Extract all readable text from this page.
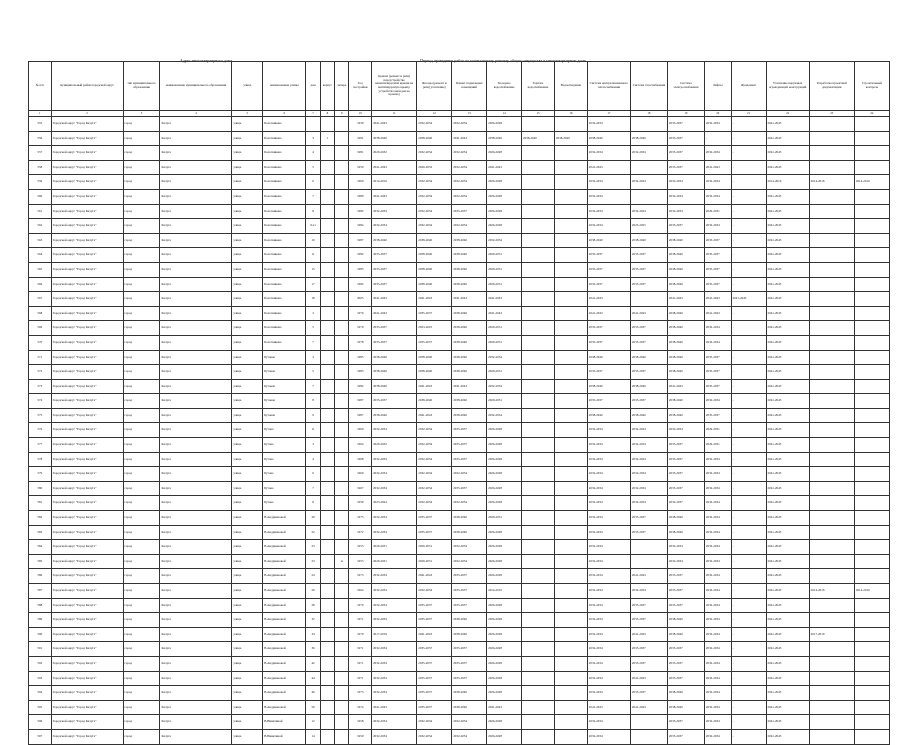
Адрес многоквартирного дома	Период проведения работ по капитальному ремонту общего имущества в многоквартирном доме
№ п/п	муниципальный район/городской округ	тип муниципального образования	наименование муниципального образования	улица	наименование улицы	дом	корпус	литера	Год постройки	Крыша (ремонт и (или) переустройство невентилируемой крыши на вентилируемую крышу, устройство выходов на кровлю)	Фасады (ремонт и (или) утепление)	Ремонт подвальных помещений	Холодное водоснабжение	Горячее водоснабжение	Водоотведение	Система централизованного теплоснабжения	Система газоснабжения	Система электроснабжения	Лифты	Фундамент	Утепление наружных ограждающих конструкций	Разработка проектной документации	Строительный контроль
1	2	3	4	5	6	7	8	9	10	11	12	13	14	15	16	17	18	19	20	21	22	23	24
555	Городской округ "Город Калуга"	город	Калуга	улица	Болотникова				1939	2041-2043	2032-2034	2032-2034	2026-2028			2032-2034		2035-2037	2032-2034	-	2041-2043		
556	Городской округ "Город Калуга"	город	Калуга	улица	Болотникова	3	1		1991	2038-2040	2038-2040	2041-2043	2038-2040	2038-2040	2038-2040	2038-2040	2038-2040	2035-2037	-	-	2041-2043		
557	Городской округ "Город Калуга"	город	Калуга	улица	Болотникова	4			1981	2029-2032	2032-2034	2032-2034	2026-2028			2032-2034	2032-2034	2035-2037	2032-2034	-	2041-2043		
558	Городской округ "Город Калуга"	город	Калуга	улица	Болотникова	5			1950	2041-2043	2029-2032	2032-2034	2041-2043			2041-2043		2035-2037	2041-2043	-	2041-2043		
559	Городской округ "Город Калуга"	город	Калуга	улица	Болотникова	6			1960	2014-2016	2032-2034	2032-2034	2026-2028			2032-2034	2032-2034	2032-2034	2032-2034	-	2014-2016	2014-2016	2014-2016
560	Городской округ "Город Калуга"	город	Калуга	улица	Болотникова	7			1980	2041-2043	2032-2034	2032-2034	2026-2028			2032-2034		2032-2034	2032-2034	-	2041-2043		
561	Городской округ "Город Калуга"	город	Калуга	улица	Болотникова	8			1982	2032-2034	2032-2034	2035-2037	2026-2028			2032-2034	2032-2034	2032-2034	2029-2031	-	2041-2043		
562	Городской округ "Город Калуга"	город	Калуга	улица	Болотникова	9 к1			1984	2032-2034	2032-2034	2032-2034	2026-2028			2032-2034	2023-2025	2035-2037	2032-2034	-	2041-2043		
563	Городской округ "Город Калуга"	город	Калуга	улица	Болотникова	10			1987	2038-2040	2038-2040	2038-2040	2032-2034			2038-2040	2038-2040	2038-2040	2035-2037	-	2041-2043		
564	Городской округ "Город Калуга"	город	Калуга	улица	Болотникова	11			1982	2035-2037	2038-2040	2038-2040	2029-2031			2035-2037	2035-2037	2038-2040	2035-2037	-	2041-2043		
565	Городской округ "Город Калуга"	город	Калуга	улица	Болотникова	15			1983	2035-2037	2038-2040	2038-2040	2029-2031			2035-2037	2035-2037	2038-2040	2035-2037	-	2041-2043		
566	Городской округ "Город Калуга"	город	Калуга	улица	Болотникова	17			1982	2035-2037	2038-2040	2038-2040	2029-2031			2035-2037	2035-2037	2038-2040	2035-2037	-	2041-2043		
567	Городской округ "Город Калуга"	город	Калуга	улица	Болотникова	18			2005	2041-2043	2041-2043	2041-2043	2041-2043			2041-2043		2041-2043	2041-2043	2041-2043	2041-2043		
568	Городской округ "Город Калуга"	город	Калуга	улица	Болотникова	3			1976	2041-2043	2035-2037	2038-2040	2041-2043			2041-2043	2041-2043	2038-2040	2041-2043	-	2041-2043		
569	Городской округ "Город Калуга"	город	Калуга	улица	Болотникова	5			1979	2035-2037	2023-2025	2038-2040	2029-2031			2035-2037	2035-2037	2038-2040	2032-2034	-	2041-2043		
570	Городской округ "Город Калуга"	город	Калуга	улица	Болотникова	7			1978	2035-2037	2035-2037	2038-2040	2029-2031			2035-2037	2035-2037	2038-2040	2032-2034	-	2041-2043		
571	Городской округ "Город Калуга"	город	Калуга	улица	Бутовая	3			1985	2038-2040	2038-2040	2038-2040	2032-2034			2038-2040	2038-2040	2038-2040	2035-2037	-	2041-2043		
572	Городской округ "Город Калуга"	город	Калуга	улица	Бутовая	5			1983	2038-2040	2038-2040	2038-2040	2029-2031			2035-2037	2035-2037	2038-2040	2035-2037	-	2041-2043		
573	Городской округ "Город Калуга"	город	Калуга	улица	Бутовая	7			1982	2038-2040	2041-2043	2041-2043	2032-2034			2038-2040	2038-2040	2041-2043	2035-2037	-	2041-2043		
574	Городской округ "Город Калуга"	город	Калуга	улица	Бутовая	8			1987	2035-2037	2038-2040	2038-2040	2029-2031			2035-2037	2035-2037	2038-2040	2032-2034	-	2041-2043		
575	Городской округ "Город Калуга"	город	Калуга	улица	Бутовая	9			1987	2038-2040	2041-2043	2038-2040	2032-2034			2038-2040	2038-2040	2038-2040	2035-2037	-	2041-2043		
576	Городской округ "Город Калуга"	город	Калуга	улица	Бутова	11			1960	2032-2034	2032-2034	2035-2037	2026-2028			2032-2034	2032-2034	2032-2034	2029-2031	-	2041-2043		
577	Городской округ "Город Калуга"	город	Калуга	улица	Бутова	3			1964	2029-2032	2032-2034	2035-2037	2026-2028			2032-2034	2032-2034	2035-2037	2029-2031	-	2041-2043		
578	Городской округ "Город Калуга"	город	Калуга	улица	Бутова	4			1968	2032-2034	2032-2034	2035-2037	2026-2028			2032-2034	2032-2034	2035-2037	2032-2034	-	2041-2043		
579	Городской округ "Город Калуга"	город	Калуга	улица	Бутова	6			1960	2032-2034	2032-2034	2032-2034	2026-2028			2032-2034	2032-2034	2035-2037	2032-2034	-	2041-2043		
580	Городской округ "Город Калуга"	город	Калуга	улица	Бутова	7			1967	2032-2034	2032-2034	2035-2037	2026-2028			2032-2034	2032-2034	2035-2037	2032-2034	-	2041-2043		
581	Городской округ "Город Калуга"	город	Калуга	улица	Бутова	8			1959	2023-2024	2032-2034	2032-2034	2026-2028			2032-2034	2032-2034	2032-2037	2032-2034	-	2041-2043		
582	Городской округ "Город Калуга"	город	Калуга	улица	В.Андриановой	20			1975	2032-2034	2035-2037	2038-2040	2029-2031			2032-2034	2035-2037	2038-2040	2032-2034	-	2041-2043		
583	Городской округ "Город Калуга"	город	Калуга	улица	В.Андриановой	22			1972	2032-2034	2035-2037	2038-2040	2026-2028			2032-2034	2035-2037	2038-2040	2032-2034	-	2041-2043		
584	Городской округ "Город Калуга"	город	Калуга	улица	В.Андриановой	23			1955	2029-2031	2029-2031	2032-2034	2026-2028			2032-2034		2032-2034	2032-2034	-	2041-2043		
585	Городской округ "Город Калуга"	город	Калуга	улица	В.Андриановой	23		А	1953	2029-2031	2029-2031	2032-2034	2026-2028			2032-2034		2032-2034	2032-2034	-	2041-2043		
586	Городской округ "Город Калуга"	город	Калуга	улица	В.Андриановой	24			1973	2032-2034	2041-2043	2035-2037	2026-2028			2032-2034	2041-2043	2035-2037	2032-2034	-	2041-2043		
587	Городской округ "Город Калуга"	город	Калуга	улица	В.Андриановой	26			1964	2032-2034	2032-2034	2035-2037	2014-2016			2032-2034	2032-2034	2035-2037	2032-2034	-	2041-2043	2014-2016	2014-2016
588	Городской округ "Город Калуга"	город	Калуга	улица	В.Андриановой	28			1970	2032-2034	2035-2037	2035-2037	2026-2028			2032-2034	2035-2037	2035-2037	2032-2034	-	2041-2043		
589	Городской округ "Город Калуга"	город	Калуга	улица	В.Андриановой	32			1971	2032-2034	2035-2037	2038-2040	2026-2028			2032-2034	2035-2037	2038-2040	2032-2034	-	2041-2043		
590	Городской округ "Город Калуга"	город	Калуга	улица	В.Андриановой	34			1970	2017-2019	2041-2043	2038-2040	2026-2028			2032-2034	2041-2043	2038-2040	2032-2034	-	2041-2043	2017-2019	
591	Городской округ "Город Калуга"	город	Калуга	улица	В.Андриановой	36			1971	2032-2034	2035-2037	2035-2037	2026-2028			2032-2034	2035-2037	2035-2037	2032-2034	-	2041-2043		
592	Городской округ "Город Калуга"	город	Калуга	улица	В.Андриановой	42			1971	2032-2034	2035-2037	2035-2037	2026-2028			2032-2034	2035-2037	2035-2037	2032-2034	-	2041-2043		
593	Городской округ "Город Калуга"	город	Калуга	улица	В.Андриановой	44			1971	2032-2034	2035-2037	2035-2037	2026-2028			2032-2034	2041-2043	2035-2037	2032-2034	-	2041-2043		
594	Городской округ "Город Калуга"	город	Калуга	улица	В.Андриановой	46			1973	2032-2034	2035-2037	2038-2040	2026-2028			2032-2034	2035-2037	2038-2040	2032-2034	-	2041-2043		
595	Городской округ "Город Калуга"	город	Калуга	улица	В.Андриановой	50			1974	2041-2043	2035-2037	2038-2040	2041-2043			2041-2043	2041-2043	2038-2040	2032-2034	-	2041-2043		
596	Городской округ "Город Калуга"	город	Калуга	улица	В.Никитиной	12			1958	2032-2034	2032-2034	2032-2034	2026-2028			2032-2034		2035-2037	2032-2034	-	2041-2043		
597	Городской округ "Город Калуга"	город	Калуга	улица	В.Никитиной	14			1959	2032-2034	2032-2034	2032-2034	2026-2028			2032-2034		2035-2037	2032-2034	-	2041-2043		
